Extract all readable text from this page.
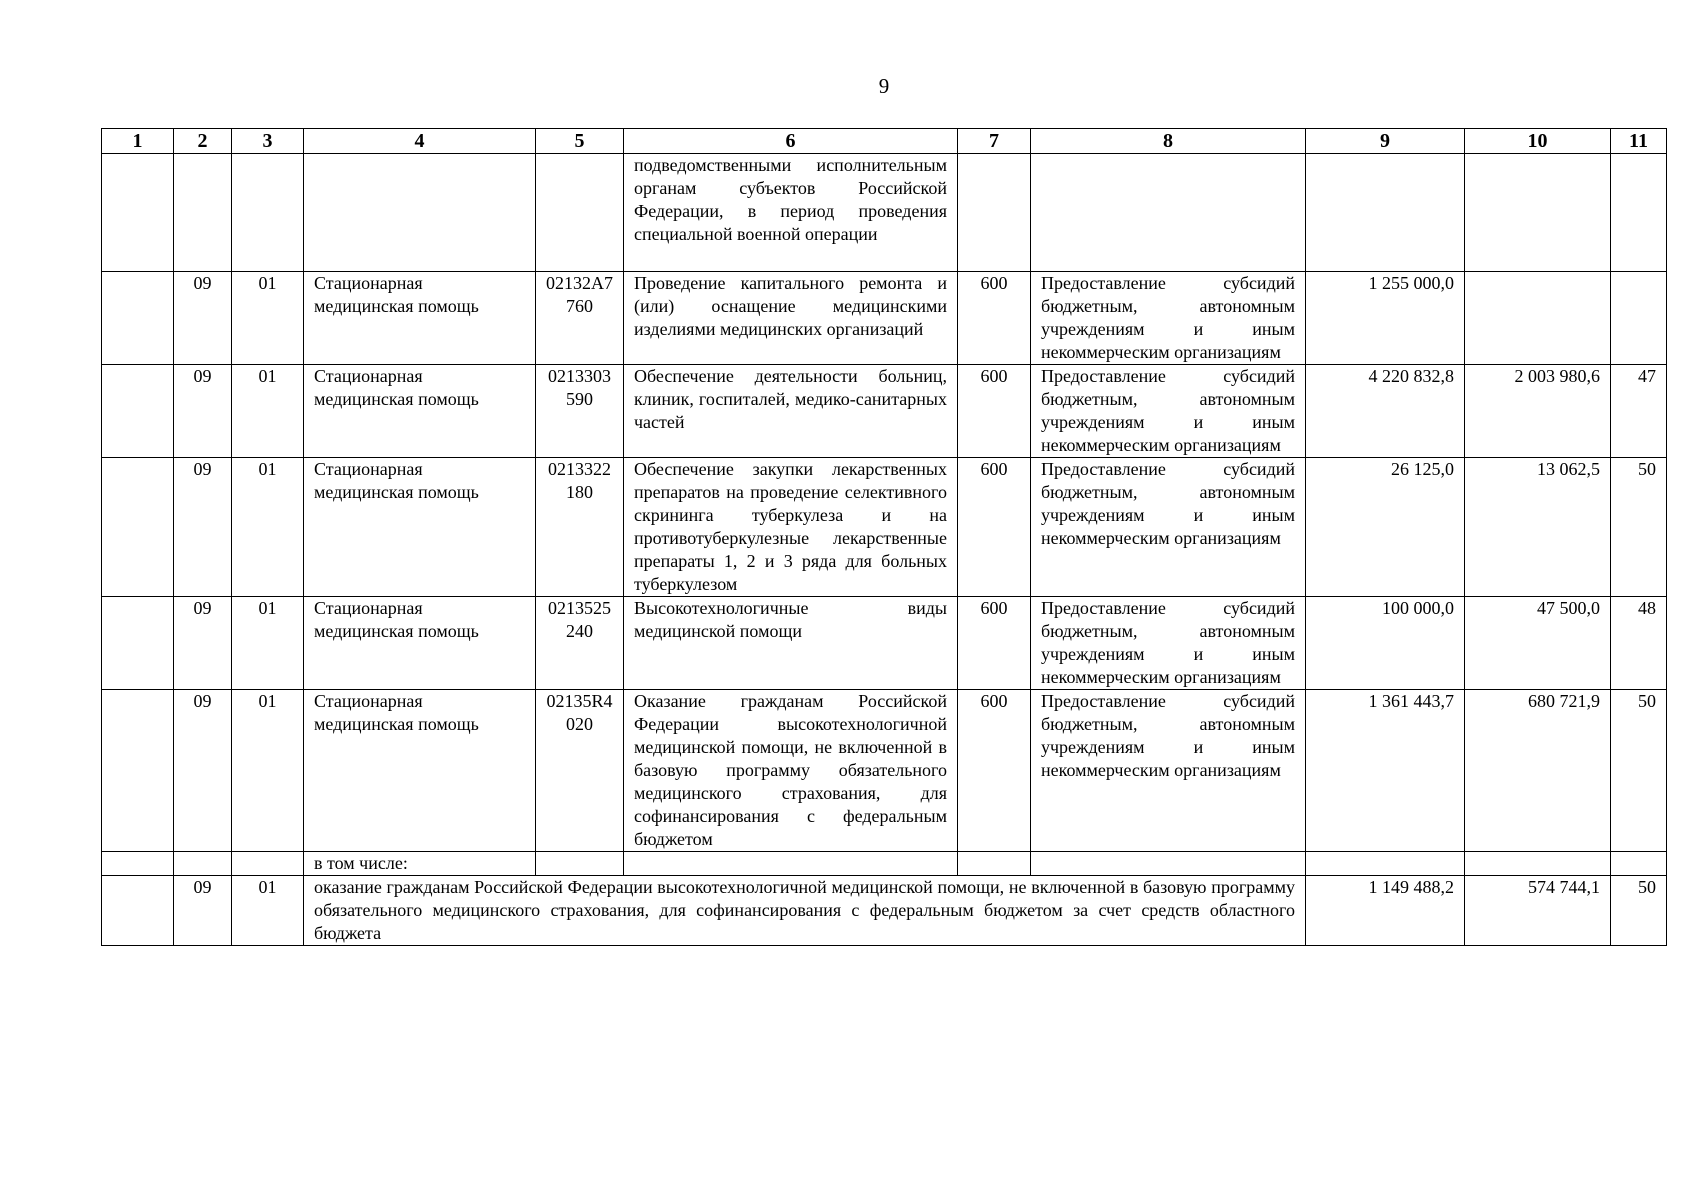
9
1	2	3	4	5	6	7	8	9	10	11
					подведомственными исполнительным органам субъектов Российской Федерации, в период проведения специальной военной операции					
	09	01	Стационарная медицинская помощь	02132А7760	Проведение капитального ремонта и (или) оснащение медицинскими изделиями медицинских организаций	600	Предоставление субсидий бюджетным, автономным учреждениям и иным некоммерческим организациям	1 255 000,0		
	09	01	Стационарная медицинская помощь	0213303590	Обеспечение деятельности больниц, клиник, госпиталей, медико-санитарных частей	600	Предоставление субсидий бюджетным, автономным учреждениям и иным некоммерческим организациям	4 220 832,8	2 003 980,6	47
	09	01	Стационарная медицинская помощь	0213322180	Обеспечение закупки лекарственных препаратов на проведение селективного скрининга туберкулеза и на противотуберкулезные лекарственные препараты 1, 2 и 3 ряда для больных туберкулезом	600	Предоставление субсидий бюджетным, автономным учреждениям и иным некоммерческим организациям	26 125,0	13 062,5	50
	09	01	Стационарная медицинская помощь	0213525240	Высокотехнологичные виды медицинской помощи	600	Предоставление субсидий бюджетным, автономным учреждениям и иным некоммерческим организациям	100 000,0	47 500,0	48
	09	01	Стационарная медицинская помощь	02135R4020	Оказание гражданам Российской Федерации высокотехнологичной медицинской помощи, не включенной в базовую программу обязательного медицинского страхования, для софинансирования с федеральным бюджетом	600	Предоставление субсидий бюджетным, автономным учреждениям и иным некоммерческим организациям	1 361 443,7	680 721,9	50
			в том числе:							
	09	01	оказание гражданам Российской Федерации высокотехнологичной медицинской помощи, не включенной в базовую программу обязательного медицинского страхования, для софинансирования с федеральным бюджетом за счет средств областного бюджета					1 149 488,2	574 744,1	50
